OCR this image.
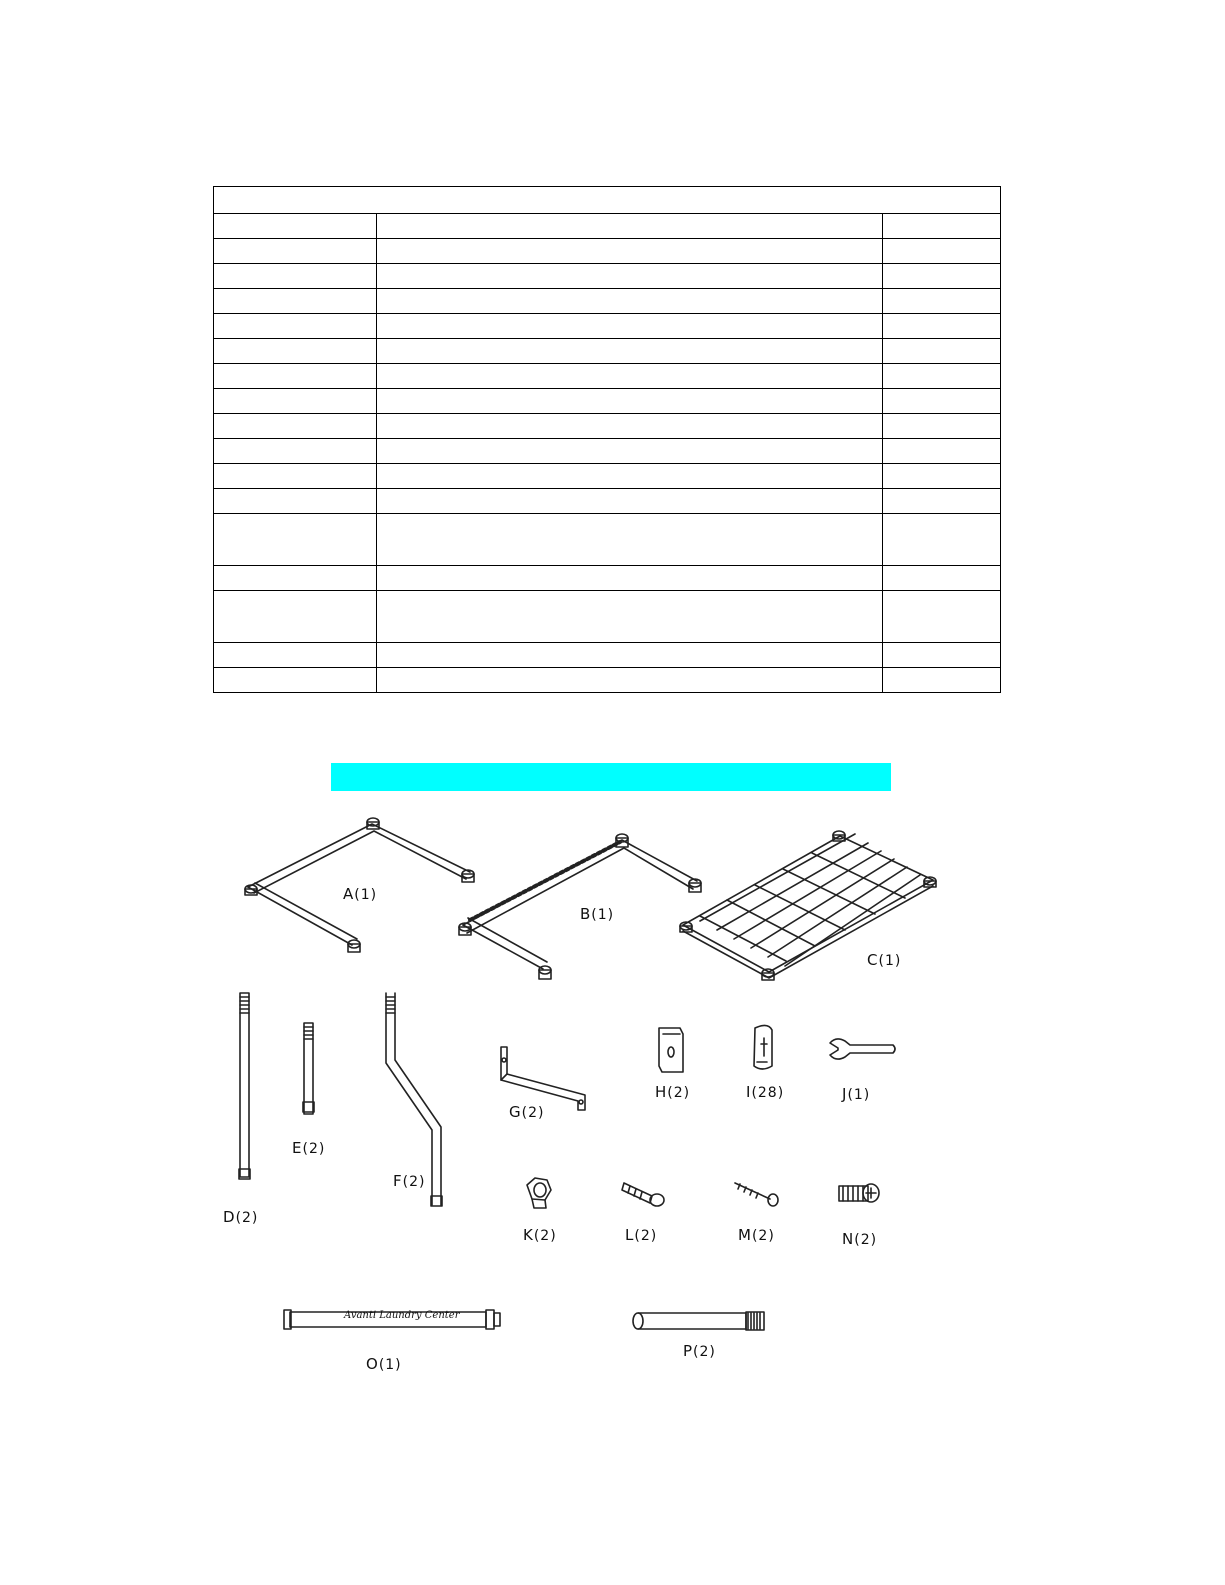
Avanti Laundry Center
A(1)
B(1)
C(1)
D(2)
E(2)
F(2)
G(2)
H(2)	I(28)	J(1)
K(2)	L(2)	M(2)	N(2)
O(1)
P(2)
